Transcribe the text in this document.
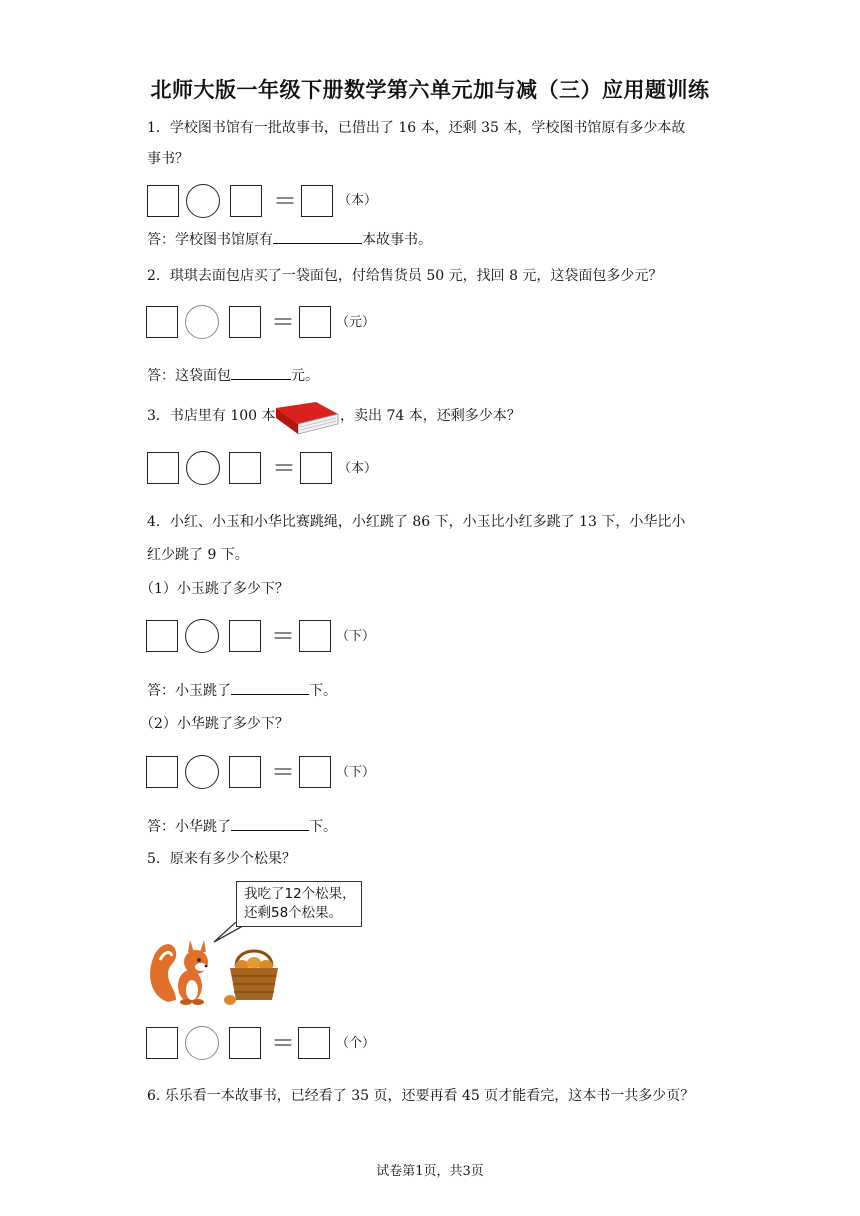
北师大版一年级下册数学第六单元加与减（三）应用题训练
1．学校图书馆有一批故事书，已借出了 16 本，还剩 35 本，学校图书馆原有多少本故
事书？
＝	（本）
答：学校图书馆原有	本故事书。
2．琪琪去面包店买了一袋面包，付给售货员 50 元，找回 8 元，这袋面包多少元？
＝	（元）
答：这袋面包	元。
3．书店里有 100 本	，卖出 74 本，还剩多少本？
＝	（本）
4．小红、小玉和小华比赛跳绳，小红跳了 86 下，小玉比小红多跳了 13 下，小华比小
红少跳了 9 下。
（1）小玉跳了多少下？
＝	（下）
答：小玉跳了	下。
（2）小华跳了多少下？
＝	（下）
答：小华跳了	下。
5．原来有多少个松果？
我吃了12个松果，
还剩58个松果。
＝	（个）
6. 乐乐看一本故事书，已经看了 35 页，还要再看 45 页才能看完，这本书一共多少页？
试卷第1页，共3页
